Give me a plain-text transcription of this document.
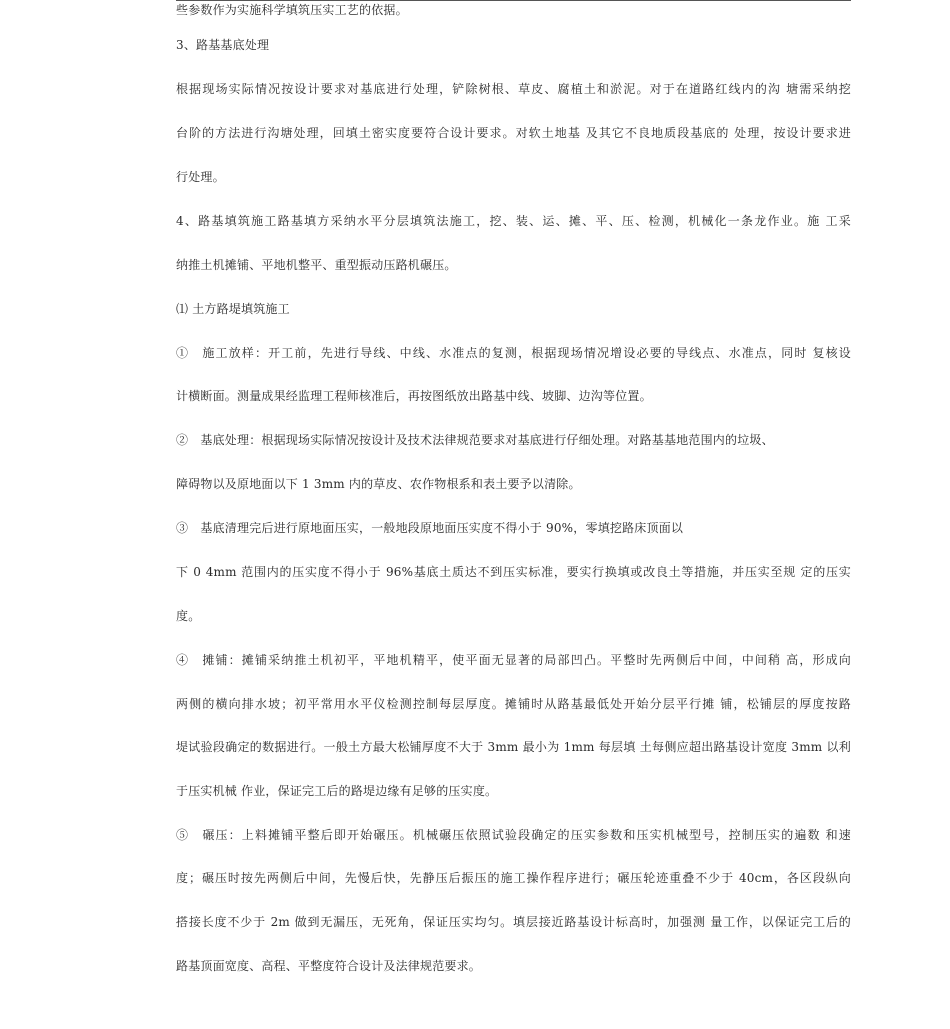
些参数作为实施科学填筑压实工艺的依据。
3、路基基底处理
根据现场实际情况按设计要求对基底进行处理，铲除树根、草皮、腐植土和淤泥。对于在道路红线内的沟 塘需采纳挖
台阶的方法进行沟塘处理，回填土密实度要符合设计要求。对软土地基 及其它不良地质段基底的 处理，按设计要求进
行处理。
4、路基填筑施工路基填方采纳水平分层填筑法施工，挖、装、运、摊、平、压、检测，机械化一条龙作业。施 工采
纳推土机摊铺、平地机整平、重型振动压路机碾压。
⑴ 土方路堤填筑施工
①　施工放样：开工前，先进行导线、中线、水准点的复测，根据现场情况增设必要的导线点、水准点，同时 复核设
计横断面。测量成果经监理工程师核准后，再按图纸放出路基中线、坡脚、边沟等位置。
②　基底处理：根据现场实际情况按设计及技术法律规范要求对基底进行仔细处理。对路基基地范围内的垃圾、
障碍物以及原地面以下 1 3mm 内的草皮、农作物根系和表土要予以清除。
③　基底清理完后进行原地面压实，一般地段原地面压实度不得小于 90%，零填挖路床顶面以
下 0 4mm 范围内的压实度不得小于 96%基底土质达不到压实标准，要实行换填或改良土等措施，并压实至规 定的压实
度。
④　摊铺：摊铺采纳推土机初平，平地机精平，使平面无显著的局部凹凸。平整时先两侧后中间，中间稍 高，形成向
两侧的横向排水坡；初平常用水平仪检测控制每层厚度。摊铺时从路基最低处开始分层平行摊 铺，松铺层的厚度按路
堤试验段确定的数据进行。一般土方最大松铺厚度不大于 3mm 最小为 1mm 每层填 土每侧应超出路基设计宽度 3mm 以利
于压实机械 作业，保证完工后的路堤边缘有足够的压实度。
⑤　碾压：上料摊铺平整后即开始碾压。机械碾压依照试验段确定的压实参数和压实机械型号，控制压实的遍数 和速
度；碾压时按先两侧后中间，先慢后快，先静压后振压的施工操作程序进行；碾压轮迹重叠不少于 40cm，各区段纵向
搭接长度不少于 2m 做到无漏压，无死角，保证压实均匀。填层接近路基设计标高时，加强测 量工作，以保证完工后的
路基顶面宽度、高程、平整度符合设计及法律规范要求。
